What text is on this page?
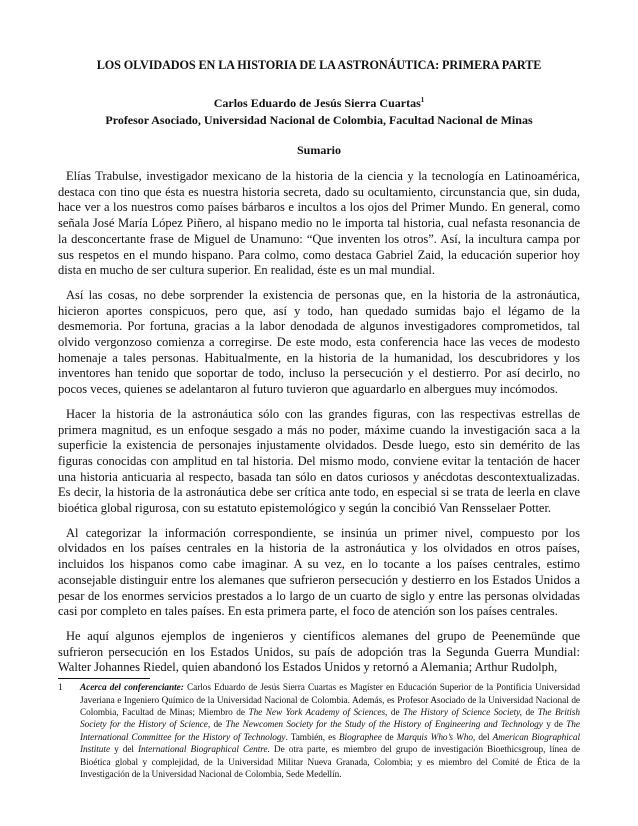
LOS OLVIDADOS EN LA HISTORIA DE LA ASTRONÁUTICA: PRIMERA PARTE

Carlos Eduardo de Jesús Sierra Cuartas$^1$

Profesor Asociado, Universidad Nacional de Colombia, Facultad Nacional de Minas

Sumario

Elías Trabulse, investigador mexicano de la historia de la ciencia y la tecnología en Latinoamérica, destaca con tino que ésta es nuestra historia secreta, dado su ocultamiento, circunstancia que, sin duda, hace ver a los nuestros como países bárbaros e incultos a los ojos del Primer Mundo. En general, como señala José María López Piñero, al hispano medio no le importa tal historia, cual nefasta resonancia de la desconcertante frase de Miguel de Unamuno: “Que inventen los otros”. Así, la incultura campa por sus respetos en el mundo hispano. Para colmo, como destaca Gabriel Zaid, la educación superior hoy dista en mucho de ser cultura superior. En realidad, éste es un mal mundial.

Así las cosas, no debe sorprender la existencia de personas que, en la historia de la astronáutica, hicieron aportes conspicuos, pero que, así y todo, han quedado sumidas bajo el légamo de la desmemoria. Por fortuna, gracias a la labor denodada de algunos investigadores comprometidos, tal olvido vergonzoso comienza a corregirse. De este modo, esta conferencia hace las veces de modesto homenaje a tales personas. Habitualmente, en la historia de la humanidad, los descubridores y los inventores han tenido que soportar de todo, incluso la persecución y el destierro. Por así decirlo, no pocos veces, quienes se adelantaron al futuro tuvieron que aguardarlo en albergues muy incómodos.

Hacer la historia de la astronáutica sólo con las grandes figuras, con las respectivas estrellas de primera magnitud, es un enfoque sesgado a más no poder, máxime cuando la investigación saca a la superficie la existencia de personajes injustamente olvidados. Desde luego, esto sin demérito de las figuras conocidas con amplitud en tal historia. Del mismo modo, conviene evitar la tentación de hacer una historia anticuaria al respecto, basada tan sólo en datos curiosos y anécdotas descontextualizadas. Es decir, la historia de la astronáutica debe ser crítica ante todo, en especial si se trata de leerla en clave bioética global rigurosa, con su estatuto epistemológico y según la concibió Van Rensselaer Potter.

Al categorizar la información correspondiente, se insinúa un primer nivel, compuesto por los olvidados en los países centrales en la historia de la astronáutica y los olvidados en otros países, incluidos los hispanos como cabe imaginar. A su vez, en lo tocante a los países centrales, estimo aconsejable distinguir entre los alemanes que sufrieron persecución y destierro en los Estados Unidos a pesar de los enormes servicios prestados a lo largo de un cuarto de siglo y entre las personas olvidadas casi por completo en tales países. En esta primera parte, el foco de atención son los países centrales.

He aquí algunos ejemplos de ingenieros y científicos alemanes del grupo de Peenemünde que sufrieron persecución en los Estados Unidos, su país de adopción tras la Segunda Guerra Mundial: Walter Johannes Riedel, quien abandonó los Estados Unidos y retornó a Alemania; Arthur Rudolph,

1	Acerca del conferenciante: Carlos Eduardo de Jesús Sierra Cuartas es Magíster en Educación Superior de la Pontificia Universidad Javeriana e Ingeniero Químico de la Universidad Nacional de Colombia. Además, es Profesor Asociado de la Universidad Nacional de Colombia, Facultad de Minas; Miembro de The New York Academy of Sciences, de The History of Science Society, de The British Society for the History of Science, de The Newcomen Society for the Study of the History of Engineering and Technology y de The International Committee for the History of Technology. También, es Biographee de Marquis Who’s Who, del American Biographical Institute y del International Biographical Centre. De otra parte, es miembro del grupo de investigación Bioethicsgroup, línea de Bioética global y complejidad, de la Universidad Militar Nueva Granada, Colombia; y es miembro del Comité de Ética de la Investigación de la Universidad Nacional de Colombia, Sede Medellín.
